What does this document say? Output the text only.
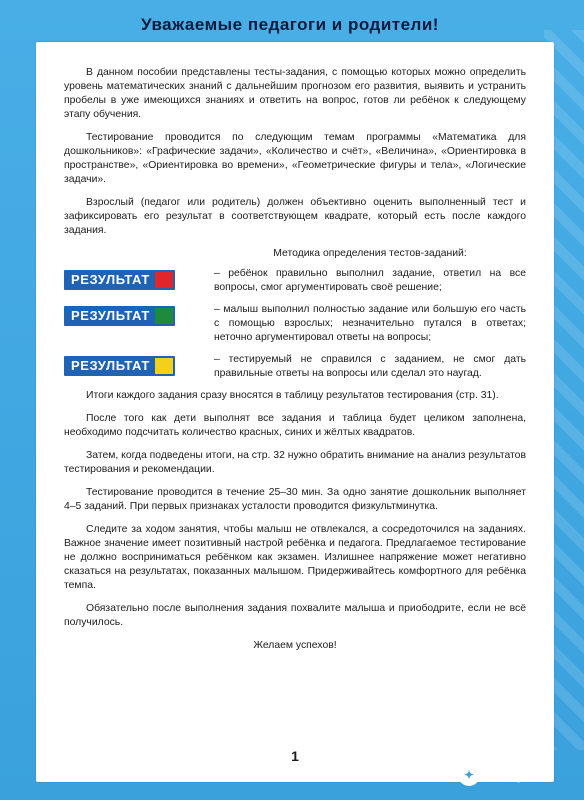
Уважаемые педагоги и родители!

В данном пособии представлены тесты-задания, с помощью которых можно определить уровень математических знаний с дальнейшим прогнозом его развития, выявить и устранить пробелы в уже имеющихся знаниях и ответить на вопрос, готов ли ребёнок к следующему этапу обучения.

Тестирование проводится по следующим темам программы «Математика для дошкольников»: «Графические задачи», «Количество и счёт», «Величина», «Ориентировка в пространстве», «Ориентировка во времени», «Геометрические фигуры и тела», «Логические задачи».

Взрослый (педагог или родитель) должен объективно оценить выполненный тест и зафиксировать его результат в соответствующем квадрате, который есть после каждого задания.

Методика определения тестов-заданий:
РЕЗУЛЬТАТ	– ребёнок правильно выполнил задание, ответил на все вопросы, смог аргументировать своё решение;
РЕЗУЛЬТАТ	– малыш выполнил полностью задание или большую его часть с помощью взрослых; незначительно путался в ответах; неточно аргументировал ответы на вопросы;
РЕЗУЛЬТАТ	– тестируемый не справился с заданием, не смог дать правильные ответы на вопросы или сделал это наугад.

Итоги каждого задания сразу вносятся в таблицу результатов тестирования (стр. 31).

После того как дети выполнят все задания и таблица будет целиком заполнена, необходимо подсчитать количество красных, синих и жёлтых квадратов.

Затем, когда подведены итоги, на стр. 32 нужно обратить внимание на анализ результатов тестирования и рекомендации.

Тестирование проводится в течение 25–30 мин. За одно занятие дошкольник выполняет 4–5 заданий. При первых признаках усталости проводится физкультминутка.

Следите за ходом занятия, чтобы малыш не отвлекался, а сосредоточился на заданиях. Важное значение имеет позитивный настрой ребёнка и педагога. Предлагаемое тестирование не должно восприниматься ребёнком как экзамен. Излишнее напряжение может негативно сказаться на результатах, показанных малышом. Придерживайтесь комфортного для ребёнка темпа.

Обязательно после выполнения задания похвалите малыша и приободрите, если не всё получилось.

Желаем успехов!
1
✦ Лабиринт
